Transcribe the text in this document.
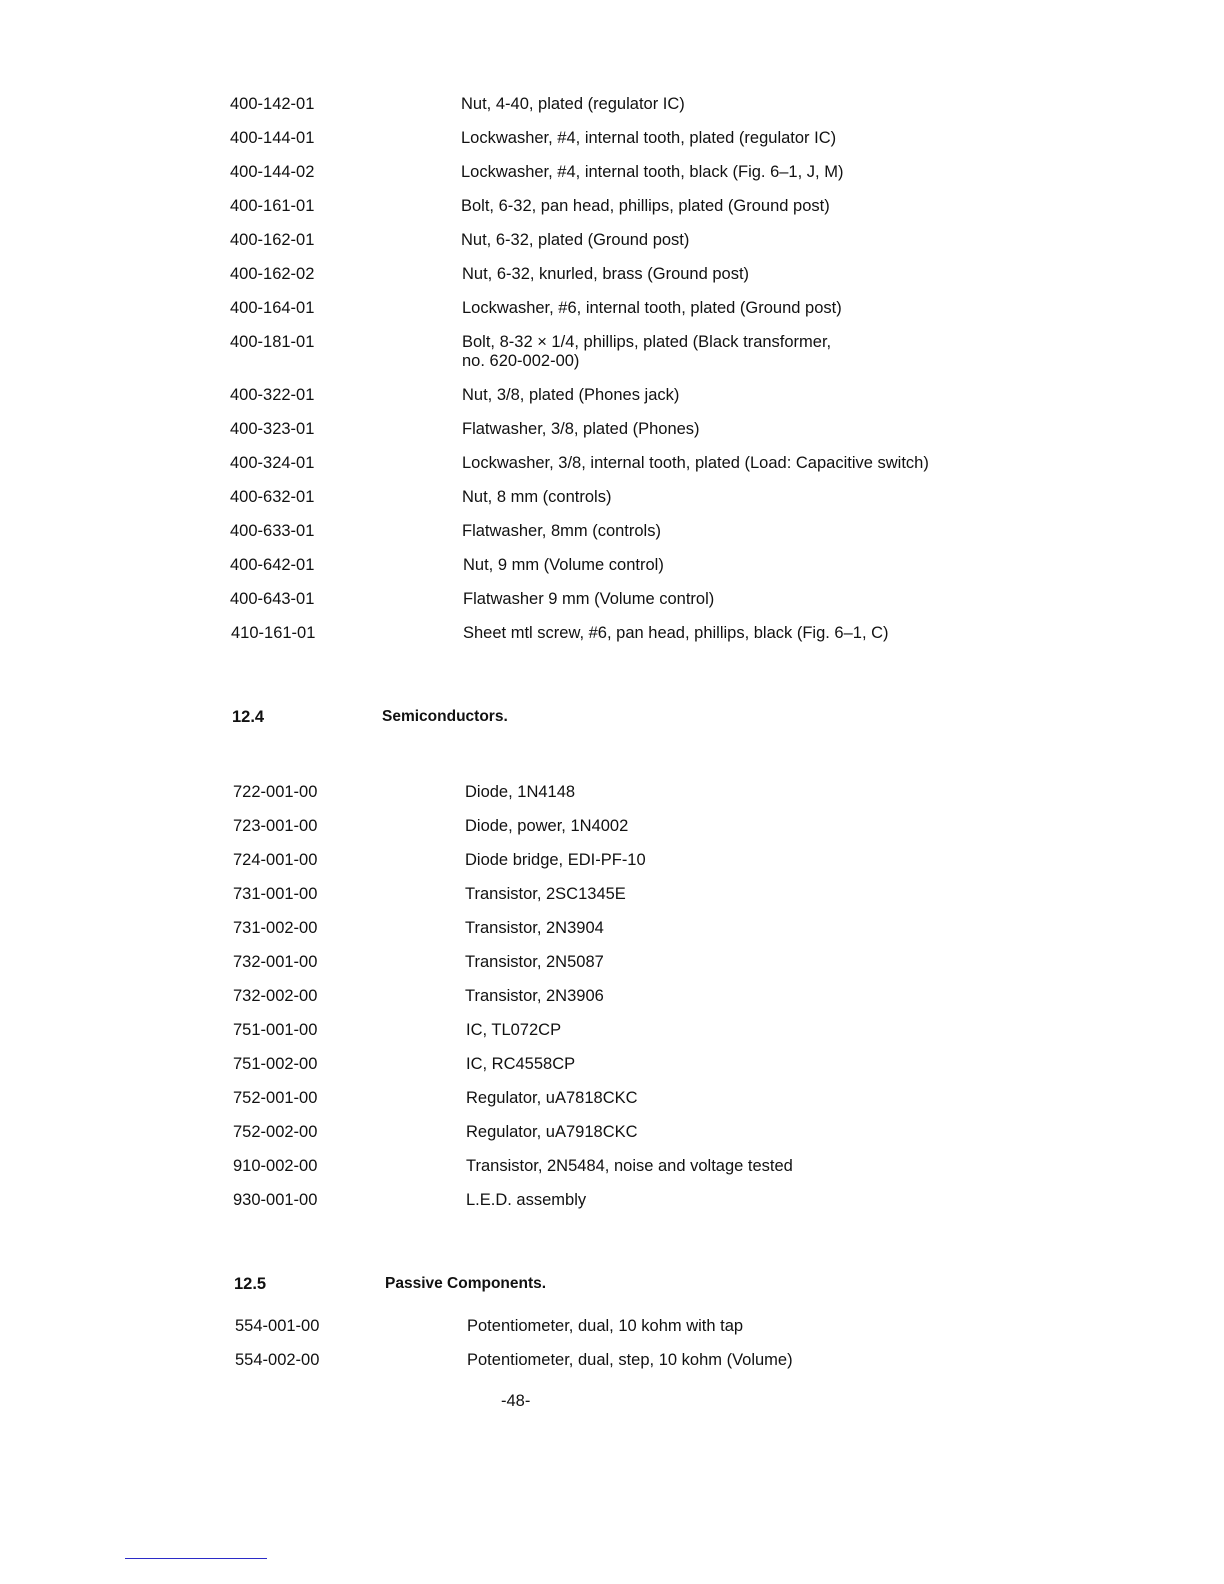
400-142-01	Nut, 4-40, plated (regulator IC)
400-144-01	Lockwasher, #4, internal tooth, plated (regulator IC)
400-144-02	Lockwasher, #4, internal tooth, black (Fig. 6–1, J, M)
400-161-01	Bolt, 6-32, pan head, phillips, plated (Ground post)
400-162-01	Nut, 6-32, plated (Ground post)
400-162-02	Nut, 6-32, knurled, brass (Ground post)
400-164-01	Lockwasher, #6, internal tooth, plated (Ground post)
400-181-01	Bolt, 8-32 × 1/4, phillips, plated (Black transformer,
no. 620-002-00)
400-322-01	Nut, 3/8, plated (Phones jack)
400-323-01	Flatwasher, 3/8, plated (Phones)
400-324-01	Lockwasher, 3/8, internal tooth, plated (Load: Capacitive switch)
400-632-01	Nut, 8 mm (controls)
400-633-01	Flatwasher, 8mm (controls)
400-642-01	Nut, 9 mm (Volume control)
400-643-01	Flatwasher 9 mm (Volume control)
410-161-01	Sheet mtl screw, #6, pan head, phillips, black (Fig. 6–1, C)
12.4	Semiconductors.
722-001-00	Diode, 1N4148
723-001-00	Diode, power, 1N4002
724-001-00	Diode bridge, EDI-PF-10
731-001-00	Transistor, 2SC1345E
731-002-00	Transistor, 2N3904
732-001-00	Transistor, 2N5087
732-002-00	Transistor, 2N3906
751-001-00	IC, TL072CP
751-002-00	IC, RC4558CP
752-001-00	Regulator, uA7818CKC
752-002-00	Regulator, uA7918CKC
910-002-00	Transistor, 2N5484, noise and voltage tested
930-001-00	L.E.D. assembly
12.5	Passive Components.
554-001-00	Potentiometer, dual, 10 kohm with tap
554-002-00	Potentiometer, dual, step, 10 kohm (Volume)
-48-
